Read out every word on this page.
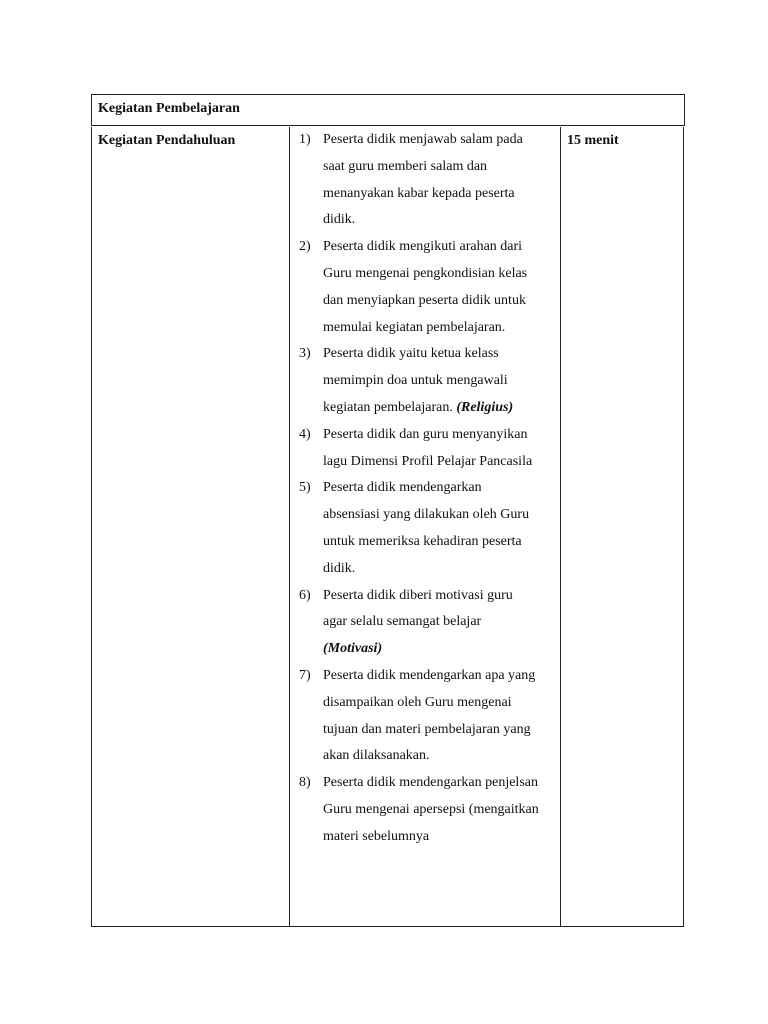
Kegiatan Pembelajaran
Kegiatan Pendahuluan	1) Peserta didik menjawab salam pada saat guru memberi salam dan menanyakan kabar kepada peserta didik.
2) Peserta didik mengikuti arahan dari Guru mengenai pengkondisian kelas dan menyiapkan peserta didik untuk memulai kegiatan pembelajaran.
3) Peserta didik yaitu ketua kelass memimpin doa untuk mengawali kegiatan pembelajaran. (Religius)
4) Peserta didik dan guru menyanyikan lagu Dimensi Profil Pelajar Pancasila
5) Peserta didik mendengarkan absensiasi yang dilakukan oleh Guru untuk memeriksa kehadiran peserta didik.
6) Peserta didik diberi motivasi guru agar selalu semangat belajar (Motivasi)
7) Peserta didik mendengarkan apa yang disampaikan oleh Guru mengenai tujuan dan materi pembelajaran yang akan dilaksanakan.
8) Peserta didik mendengarkan penjelsan Guru mengenai apersepsi (mengaitkan materi sebelumnya
15 menit
